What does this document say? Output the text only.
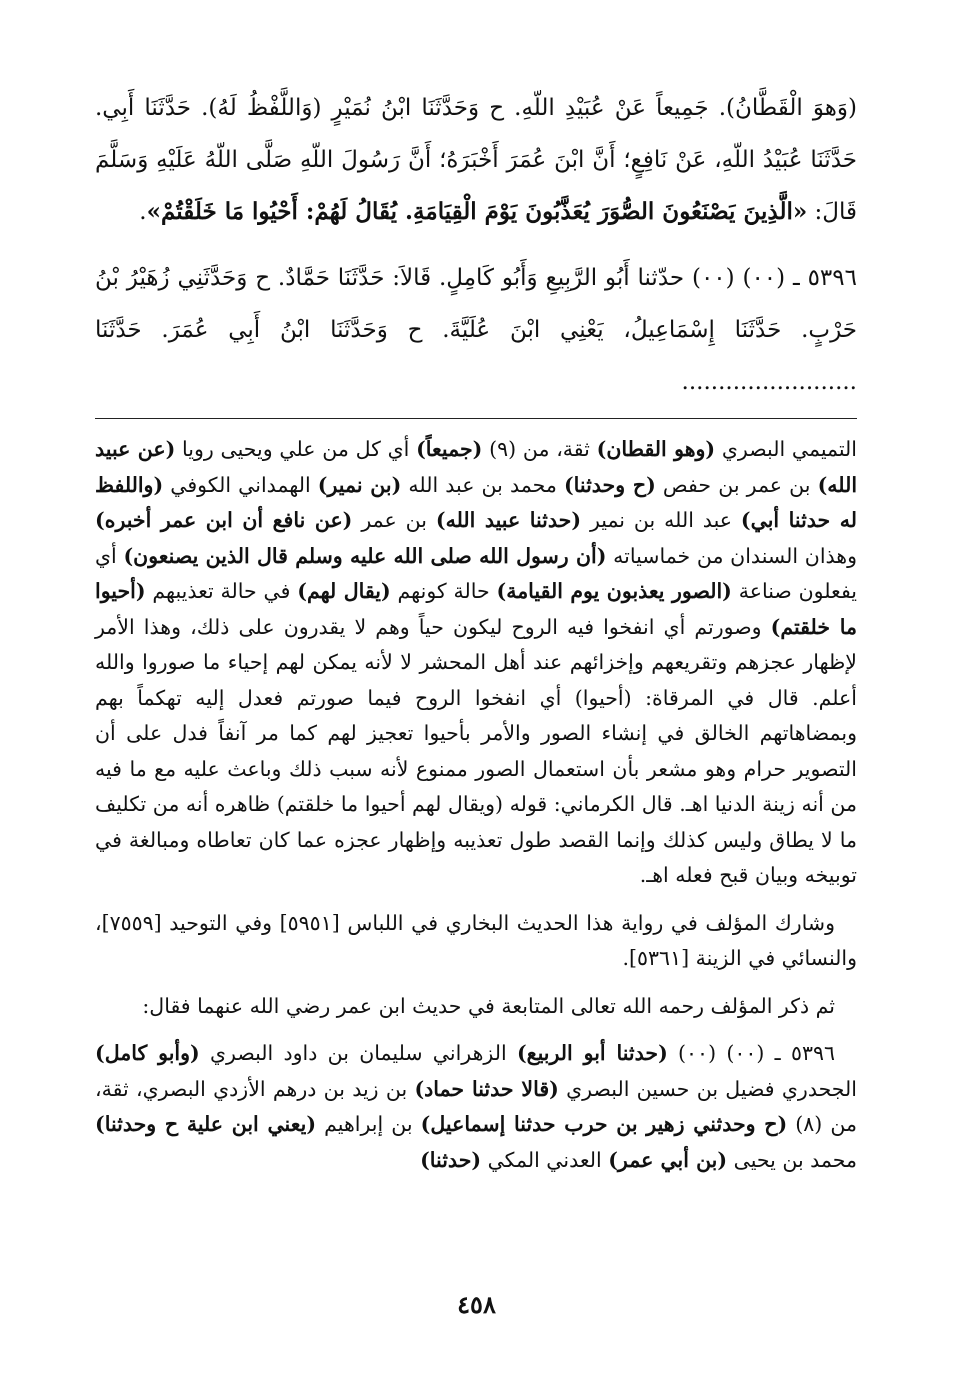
(وَهوَ الْقَطَّانُ). جَمِيعاً عَنْ عُبَيْدِ اللّهِ. ح وَحَدَّثَنَا ابْنُ نُمَيْرٍ (وَاللَّفْظُ لَهُ). حَدَّثَنَا أَبِي. حَدَّثَنَا عُبَيْدُ اللّهِ، عَنْ نَافِعٍ؛ أَنَّ ابْنَ عُمَرَ أَخْبَرَهُ؛ أَنَّ رَسُولَ اللّهِ صَلَّى اللّهُ عَلَيْهِ وَسَلَّمَ قَالَ: «الَّذِينَ يَصْنَعُونَ الصُّوَرَ يُعَذَّبُونَ يَوْمَ الْقِيَامَةِ. يُقَالُ لَهُمْ: أَحْيُوا مَا خَلَقْتُمْ».

٥٣٩٦ ـ (٠٠) (٠٠) حدّثنا أَبُو الرَّبِيعِ وَأَبُو كَامِلٍ. قَالاَ: حَدَّثَنَا حَمَّادٌ. ح وَحَدَّثَنِي زُهَيْرُ بْنُ حَرْبٍ. حَدَّثَنَا إِسْمَاعِيلُ، يَعْنِي ابْنَ عُلَيَّةَ. ح وَحَدَّثَنَا ابْنُ أَبِي عُمَرَ. حَدَّثَنَا ........................

التميمي البصري (وهو القطان) ثقة، من (٩) (جميعاً) أي كل من علي ويحيى رويا (عن عبيد الله) بن عمر بن حفص (ح وحدثنا) محمد بن عبد الله (بن نمير) الهمداني الكوفي (واللفظ له حدثنا أبي) عبد الله بن نمير (حدثنا عبيد الله) بن عمر (عن نافع أن ابن عمر أخبره) وهذان السندان من خماسياته (أن رسول الله صلى الله عليه وسلم قال الذين يصنعون) أي يفعلون صناعة (الصور يعذبون يوم القيامة) حالة كونهم (يقال لهم) في حالة تعذيبهم (أحيوا ما خلقتم) وصورتم أي انفخوا فيه الروح ليكون حياً وهم لا يقدرون على ذلك، وهذا الأمر لإظهار عجزهم وتقريعهم وإخزائهم عند أهل المحشر لا لأنه يمكن لهم إحياء ما صوروا والله أعلم. قال في المرقاة: (أحيوا) أي انفخوا الروح فيما صورتم فعدل إليه تهكماً بهم وبمضاهاتهم الخالق في إنشاء الصور والأمر بأحيوا تعجيز لهم كما مر آنفاً فدل على أن التصوير حرام وهو مشعر بأن استعمال الصور ممنوع لأنه سبب ذلك وباعث عليه مع ما فيه من أنه زينة الدنيا اهـ. قال الكرماني: قوله (ويقال لهم أحيوا ما خلقتم) ظاهره أنه من تكليف ما لا يطاق وليس كذلك وإنما القصد طول تعذيبه وإظهار عجزه عما كان تعاطاه ومبالغة في توبيخه وبيان قبح فعله اهـ.

وشارك المؤلف في رواية هذا الحديث البخاري في اللباس [٥٩٥١] وفي التوحيد [٧٥٥٩]، والنسائي في الزينة [٥٣٦١].

ثم ذكر المؤلف رحمه الله تعالى المتابعة في حديث ابن عمر رضي الله عنهما فقال:

٥٣٩٦ ـ (٠٠) (٠٠) (حدثنا أبو الربيع) الزهراني سليمان بن داود البصري (وأبو كامل) الجحدري فضيل بن حسين البصري (قالا حدثنا حماد) بن زيد بن درهم الأزدي البصري، ثقة، من (٨) (ح وحدثني زهير بن حرب حدثنا إسماعيل) بن إبراهيم (يعني ابن علية ح وحدثنا) محمد بن يحيى (بن أبي عمر) العدني المكي (حدثنا)

٤٥٨
